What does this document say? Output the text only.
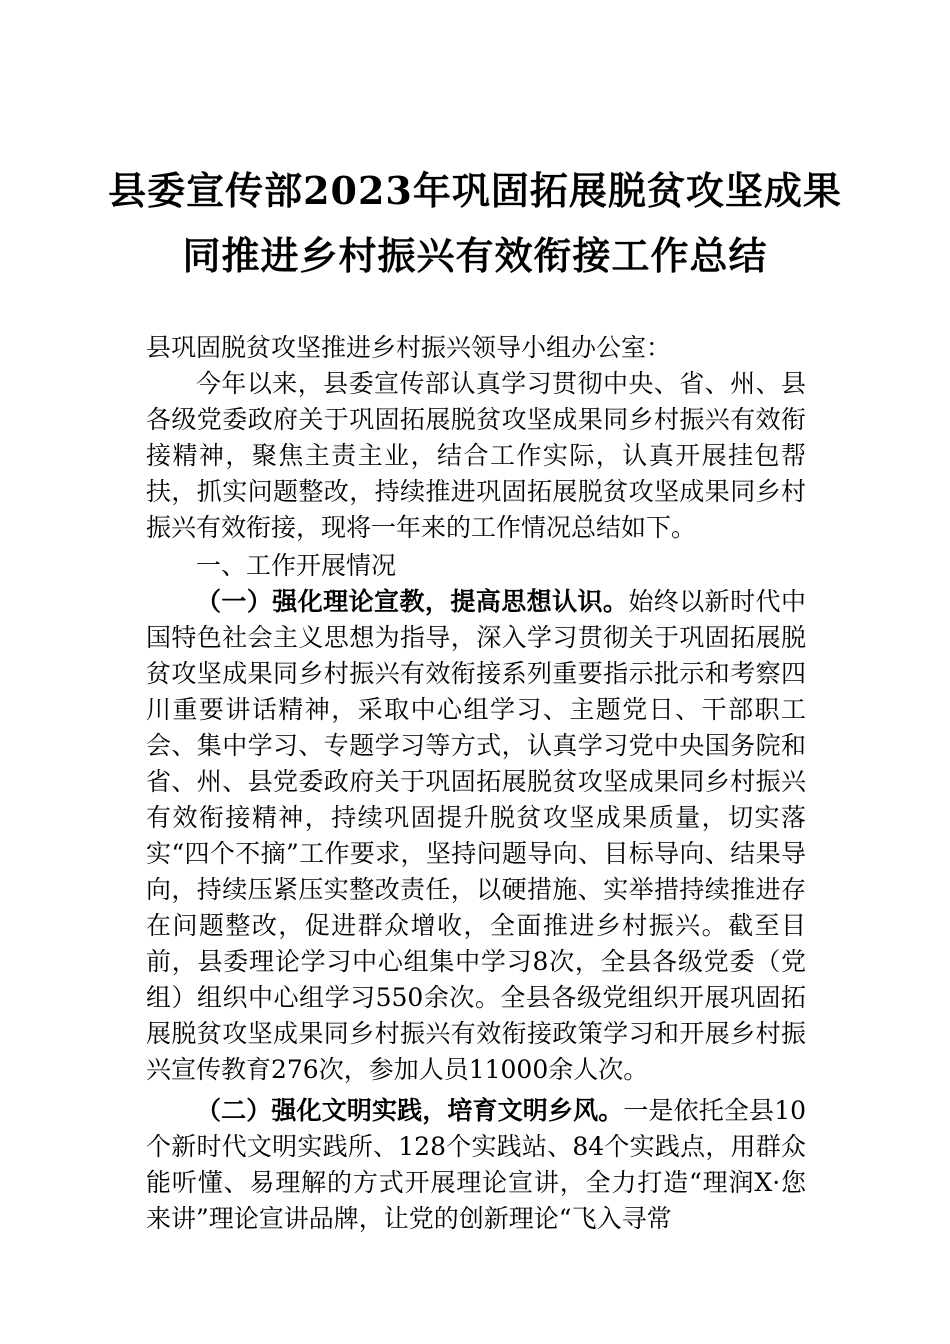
县委宣传部2023年巩固拓展脱贫攻坚成果
同推进乡村振兴有效衔接工作总结
县巩固脱贫攻坚推进乡村振兴领导小组办公室：
今年以来，县委宣传部认真学习贯彻中央、省、州、县各级党委政府关于巩固拓展脱贫攻坚成果同乡村振兴有效衔接精神，聚焦主责主业，结合工作实际，认真开展挂包帮扶，抓实问题整改，持续推进巩固拓展脱贫攻坚成果同乡村振兴有效衔接，现将一年来的工作情况总结如下。
一、工作开展情况
（一）强化理论宣教，提高思想认识。始终以新时代中国特色社会主义思想为指导，深入学习贯彻关于巩固拓展脱贫攻坚成果同乡村振兴有效衔接系列重要指示批示和考察四川重要讲话精神，采取中心组学习、主题党日、干部职工会、集中学习、专题学习等方式，认真学习党中央国务院和省、州、县党委政府关于巩固拓展脱贫攻坚成果同乡村振兴有效衔接精神，持续巩固提升脱贫攻坚成果质量，切实落实“四个不摘”工作要求，坚持问题导向、目标导向、结果导向，持续压紧压实整改责任，以硬措施、实举措持续推进存在问题整改，促进群众增收，全面推进乡村振兴。截至目前，县委理论学习中心组集中学习8次，全县各级党委（党组）组织中心组学习550余次。全县各级党组织开展巩固拓展脱贫攻坚成果同乡村振兴有效衔接政策学习和开展乡村振兴宣传教育276次，参加人员11000余人次。
（二）强化文明实践，培育文明乡风。一是依托全县10个新时代文明实践所、128个实践站、84个实践点，用群众能听懂、易理解的方式开展理论宣讲，全力打造“理润X·您来讲”理论宣讲品牌，让党的创新理论“飞入寻常
